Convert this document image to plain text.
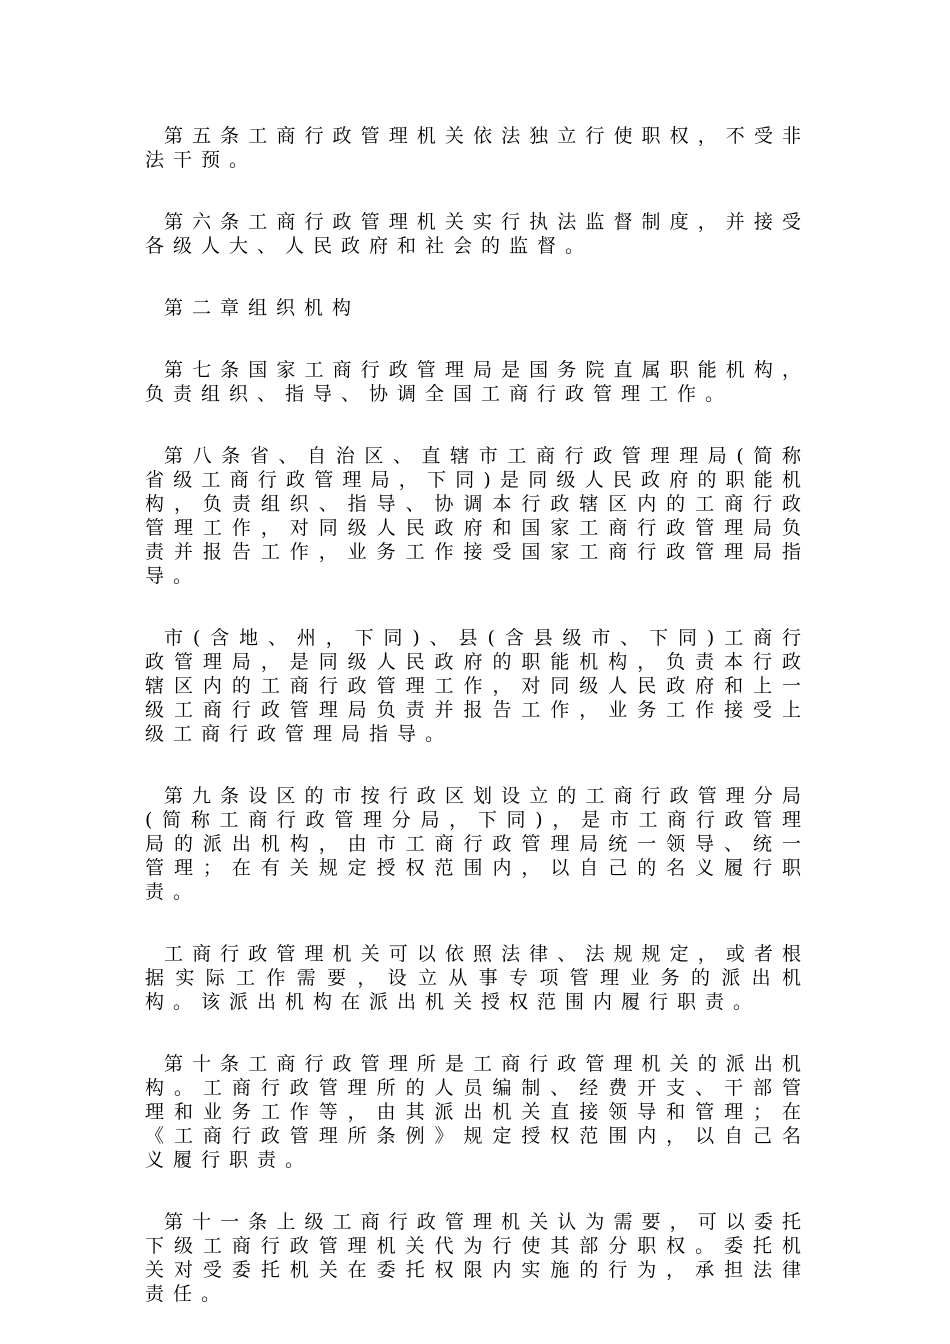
第五条工商行政管理机关依法独立行使职权，不受非法干预。

第六条工商行政管理机关实行执法监督制度，并接受各级人大、人民政府和社会的监督。

第二章组织机构

第七条国家工商行政管理局是国务院直属职能机构，负责组织、指导、协调全国工商行政管理工作。

第八条省、自治区、直辖市工商行政管理理局(简称省级工商行政管理局，下同)是同级人民政府的职能机构，负责组织、指导、协调本行政辖区内的工商行政管理工作，对同级人民政府和国家工商行政管理局负责并报告工作，业务工作接受国家工商行政管理局指导。

市(含地、州，下同)、县(含县级市、下同)工商行政管理局，是同级人民政府的职能机构，负责本行政辖区内的工商行政管理工作，对同级人民政府和上一级工商行政管理局负责并报告工作，业务工作接受上级工商行政管理局指导。

第九条设区的市按行政区划设立的工商行政管理分局(简称工商行政管理分局，下同)，是市工商行政管理局的派出机构，由市工商行政管理局统一领导、统一管理；在有关规定授权范围内，以自己的名义履行职责。

工商行政管理机关可以依照法律、法规规定，或者根据实际工作需要，设立从事专项管理业务的派出机构。该派出机构在派出机关授权范围内履行职责。

第十条工商行政管理所是工商行政管理机关的派出机构。工商行政管理所的人员编制、经费开支、干部管理和业务工作等，由其派出机关直接领导和管理；在《工商行政管理所条例》规定授权范围内，以自己名义履行职责。

第十一条上级工商行政管理机关认为需要，可以委托下级工商行政管理机关代为行使其部分职权。委托机关对受委托机关在委托权限内实施的行为，承担法律责任。
